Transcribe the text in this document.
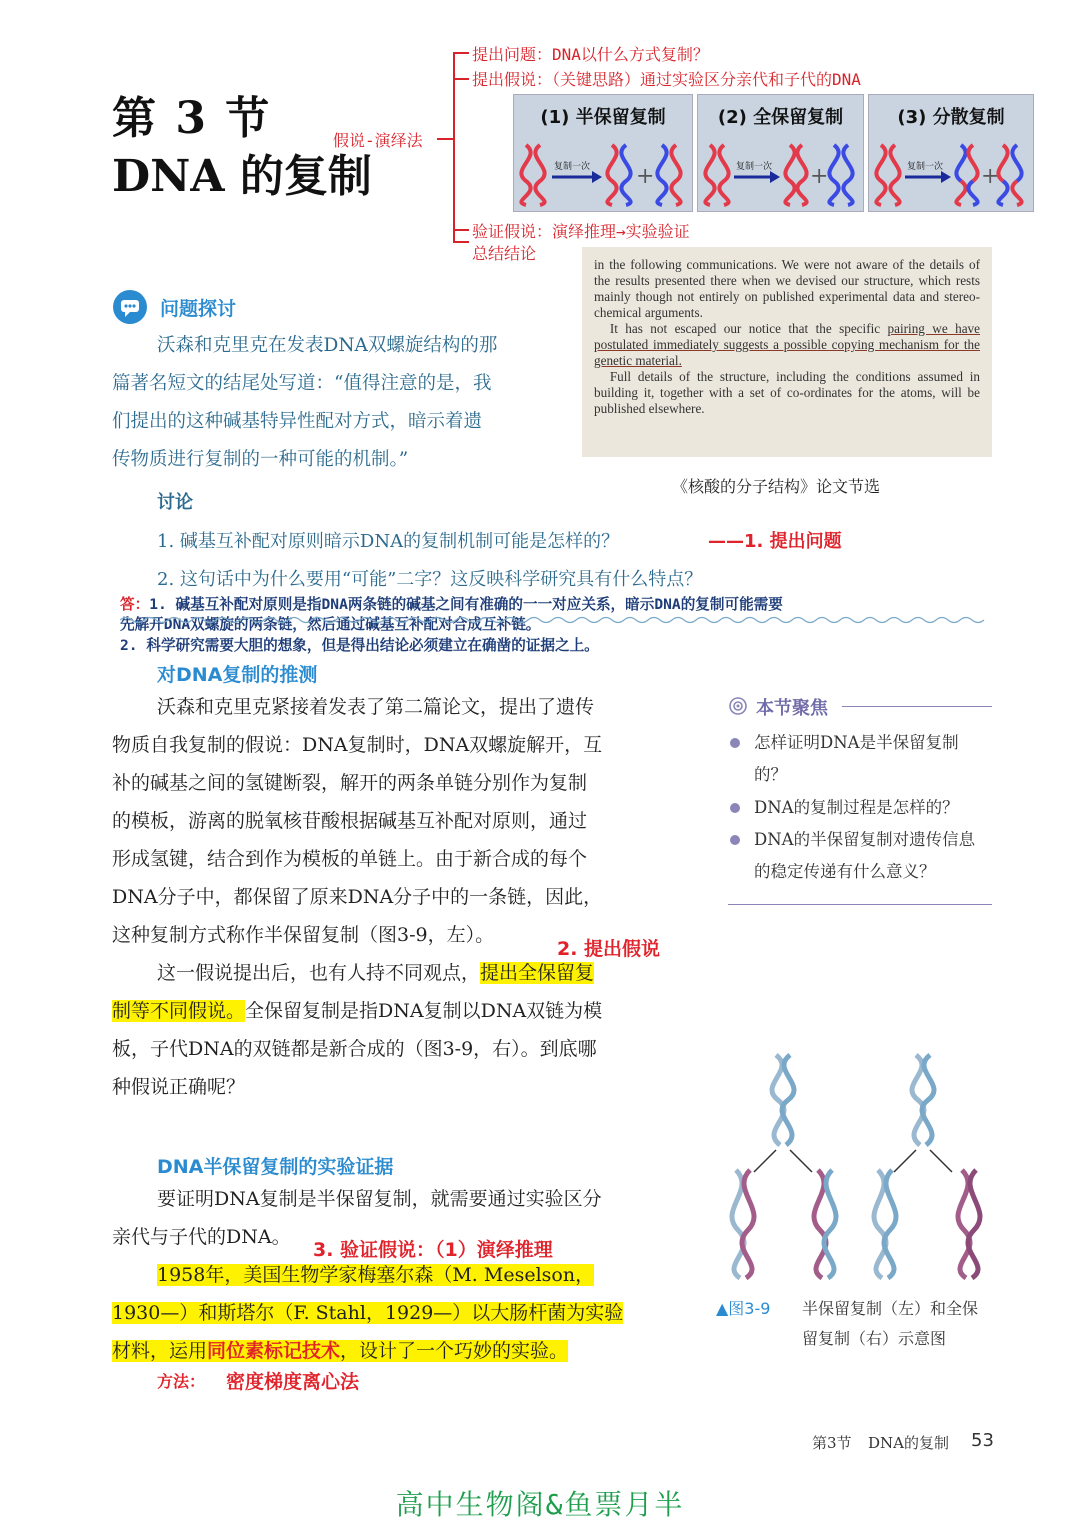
第 3 节
DNA 的复制
假说-演绎法
提出问题：DNA以什么方式复制？
提出假说：（关键思路）通过实验区分亲代和子代的DNA
验证假说：演绎推理→实验验证
总结结论
(1) 半保留复制
复制一次 +
(2) 全保留复制
复制一次 +
(3) 分散复制
复制一次 +

in the following communications. We were not aware of the details of the results presented there when we devised our structure, which rests mainly though not entirely on published experimental data and stereo-chemical arguments.

It has not escaped our notice that the specific pairing we have postulated immediately suggests a possible copying mechanism for the genetic material.

Full details of the structure, including the conditions assumed in building it, together with a set of co-ordinates for the atoms, will be published elsewhere.

《核酸的分子结构》论文节选
问题探讨
沃森和克里克在发表DNA双螺旋结构的那
篇著名短文的结尾处写道：“值得注意的是，我
们提出的这种碱基特异性配对方式，暗示着遗
传物质进行复制的一种可能的机制。”
讨论
1. 碱基互补配对原则暗示DNA的复制机制可能是怎样的？	——1. 提出问题
2. 这句话中为什么要用“可能”二字？这反映科学研究具有什么特点？
答：1. 碱基互补配对原则是指DNA两条链的碱基之间有准确的一一对应关系，暗示DNA的复制可能需要
先解开DNA双螺旋的两条链，然后通过碱基互补配对合成互补链。
2. 科学研究需要大胆的想象，但是得出结论必须建立在确凿的证据之上。
对DNA复制的推测
沃森和克里克紧接着发表了第二篇论文，提出了遗传
物质自我复制的假说：DNA复制时，DNA双螺旋解开，互
补的碱基之间的氢键断裂，解开的两条单链分别作为复制
的模板，游离的脱氧核苷酸根据碱基互补配对原则，通过
形成氢键，结合到作为模板的单链上。由于新合成的每个
DNA分子中，都保留了原来DNA分子中的一条链，因此，
这种复制方式称作半保留复制（图3-9，左）。
2. 提出假说
这一假说提出后，也有人持不同观点，提出全保留复
制等不同假说。全保留复制是指DNA复制以DNA双链为模
板，子代DNA的双链都是新合成的（图3-9，右）。到底哪
种假说正确呢？
DNA半保留复制的实验证据
要证明DNA复制是半保留复制，就需要通过实验区分
亲代与子代的DNA。
3. 验证假说：（1）演绎推理
1958年，美国生物学家梅塞尔森（M. Meselson，
1930—）和斯塔尔（F. Stahl，1929—）以大肠杆菌为实验
材料，运用同位素标记技术，设计了一个巧妙的实验。
方法： 密度梯度离心法
本节聚焦
怎样证明DNA是半保留复制
的？
DNA的复制过程是怎样的？
DNA的半保留复制对遗传信息
的稳定传递有什么意义？
▲图3-9 半保留复制（左）和全保
留复制（右）示意图
第3节 DNA的复制 53
高中生物阁&鱼票月半
